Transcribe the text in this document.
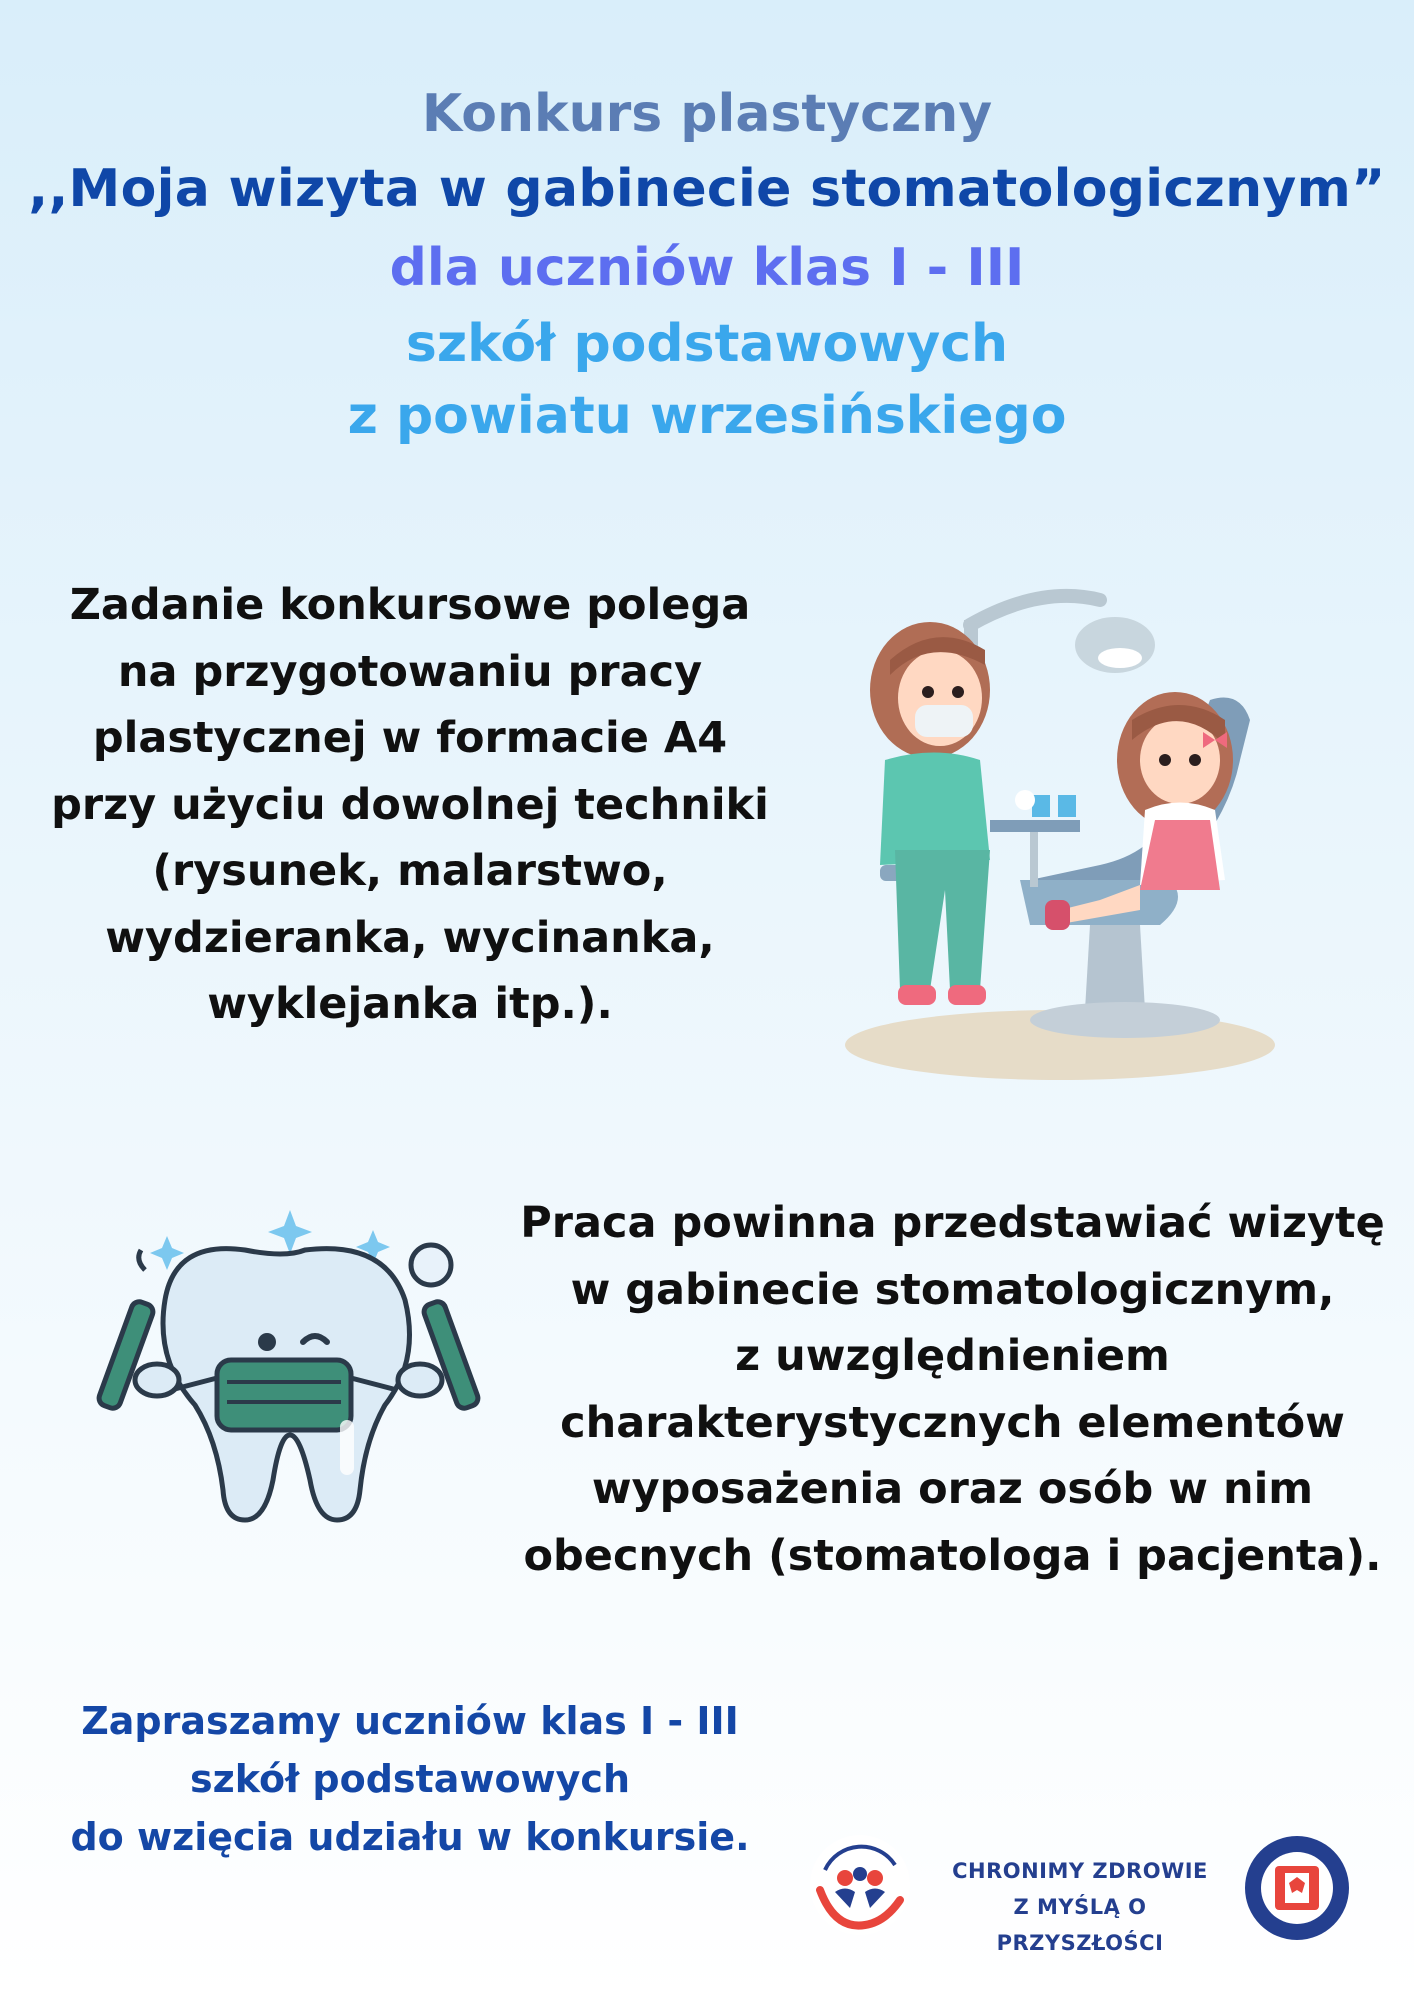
Konkurs plastyczny
,,Moja wizyta w gabinecie stomatologicznym”
dla uczniów klas I - III
szkół podstawowych
z powiatu wrzesińskiego
Zadanie konkursowe polega
na przygotowaniu pracy
plastycznej w formacie A4
przy użyciu dowolnej techniki
(rysunek, malarstwo,
wydzieranka, wycinanka,
wyklejanka itp.).
Praca powinna przedstawiać wizytę
w gabinecie stomatologicznym,
z uwzględnieniem
charakterystycznych elementów
wyposażenia oraz osób w nim
obecnych (stomatologa i pacjenta).
Zapraszamy uczniów klas I - III
szkół podstawowych
do wzięcia udziału w konkursie.
CHRONIMY ZDROWIE
Z MYŚLĄ O PRZYSZŁOŚCI
